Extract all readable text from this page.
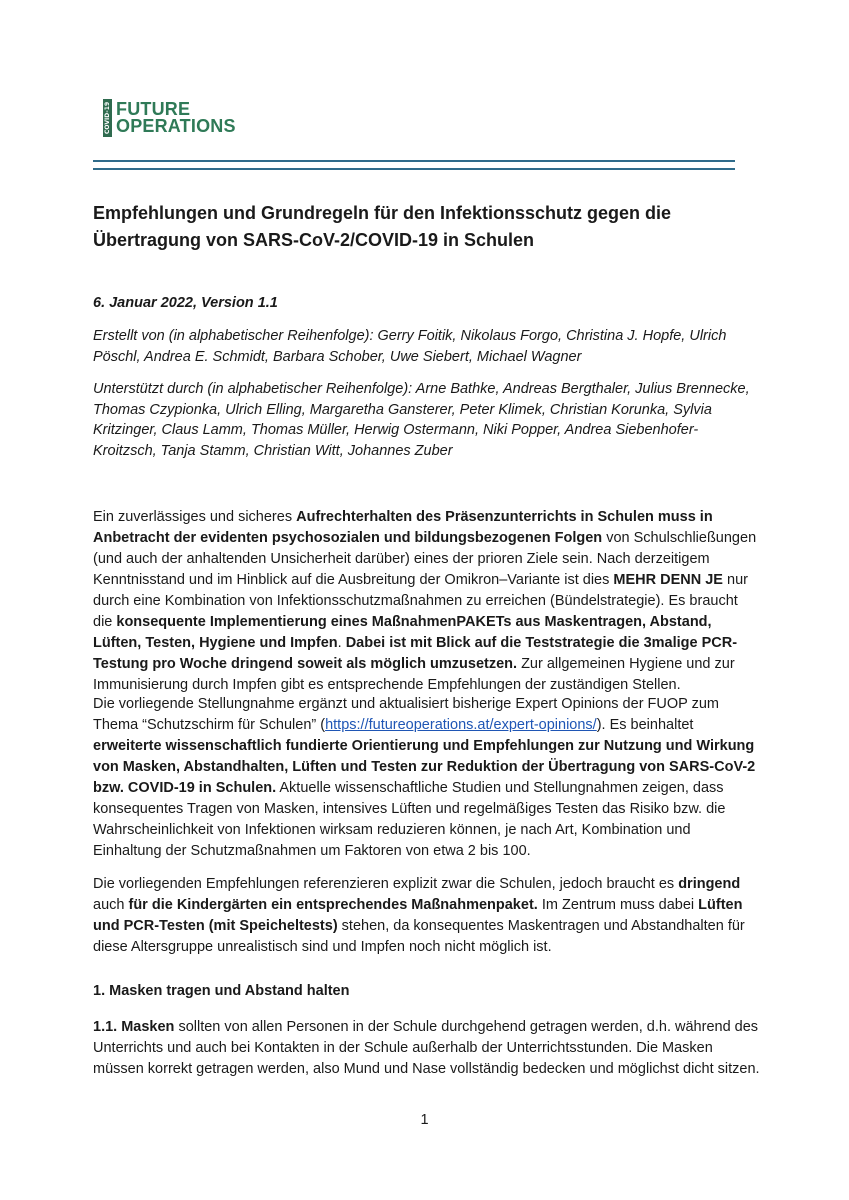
COVID-19 FUTURE
OPERATIONS
Empfehlungen und Grundregeln für den Infektionsschutz gegen die Übertragung von SARS-CoV-2/COVID-19 in Schulen

6. Januar 2022, Version 1.1

Erstellt von (in alphabetischer Reihenfolge): Gerry Foitik, Nikolaus Forgo, Christina J. Hopfe, Ulrich Pöschl, Andrea E. Schmidt, Barbara Schober, Uwe Siebert, Michael Wagner

Unterstützt durch (in alphabetischer Reihenfolge): Arne Bathke, Andreas Bergthaler, Julius Brennecke, Thomas Czypionka, Ulrich Elling, Margaretha Gansterer, Peter Klimek, Christian Korunka, Sylvia Kritzinger, Claus Lamm, Thomas Müller, Herwig Ostermann, Niki Popper, Andrea Siebenhofer-Kroitzsch, Tanja Stamm, Christian Witt, Johannes Zuber

Ein zuverlässiges und sicheres Aufrechterhalten des Präsenzunterrichts in Schulen muss in Anbetracht der evidenten psychosozialen und bildungsbezogenen Folgen von Schulschließungen (und auch der anhaltenden Unsicherheit darüber) eines der prioren Ziele sein. Nach derzeitigem Kenntnisstand und im Hinblick auf die Ausbreitung der Omikron–Variante ist dies MEHR DENN JE nur durch eine Kombination von Infektionsschutzmaßnahmen zu erreichen (Bündelstrategie). Es braucht die konsequente Implementierung eines MaßnahmenPAKETs aus Maskentragen, Abstand, Lüften, Testen, Hygiene und Impfen. Dabei ist mit Blick auf die Teststrategie die 3malige PCR-Testung pro Woche dringend soweit als möglich umzusetzen. Zur allgemeinen Hygiene und zur Immunisierung durch Impfen gibt es entsprechende Empfehlungen der zuständigen Stellen.

Die vorliegende Stellungnahme ergänzt und aktualisiert bisherige Expert Opinions der FUOP zum Thema “Schutzschirm für Schulen” (https://futureoperations.at/expert-opinions/). Es beinhaltet erweiterte wissenschaftlich fundierte Orientierung und Empfehlungen zur Nutzung und Wirkung von Masken, Abstandhalten, Lüften und Testen zur Reduktion der Übertragung von SARS-CoV-2 bzw. COVID-19 in Schulen. Aktuelle wissenschaftliche Studien und Stellungnahmen zeigen, dass konsequentes Tragen von Masken, intensives Lüften und regelmäßiges Testen das Risiko bzw. die Wahrscheinlichkeit von Infektionen wirksam reduzieren können, je nach Art, Kombination und Einhaltung der Schutzmaßnahmen um Faktoren von etwa 2 bis 100.

Die vorliegenden Empfehlungen referenzieren explizit zwar die Schulen, jedoch braucht es dringend auch für die Kindergärten ein entsprechendes Maßnahmenpaket. Im Zentrum muss dabei Lüften und PCR-Testen (mit Speicheltests) stehen, da konsequentes Maskentragen und Abstandhalten für diese Altersgruppe unrealistisch sind und Impfen noch nicht möglich ist.

1. Masken tragen und Abstand halten

1.1. Masken sollten von allen Personen in der Schule durchgehend getragen werden, d.h. während des Unterrichts und auch bei Kontakten in der Schule außerhalb der Unterrichtsstunden. Die Masken müssen korrekt getragen werden, also Mund und Nase vollständig bedecken und möglichst dicht sitzen.

1
